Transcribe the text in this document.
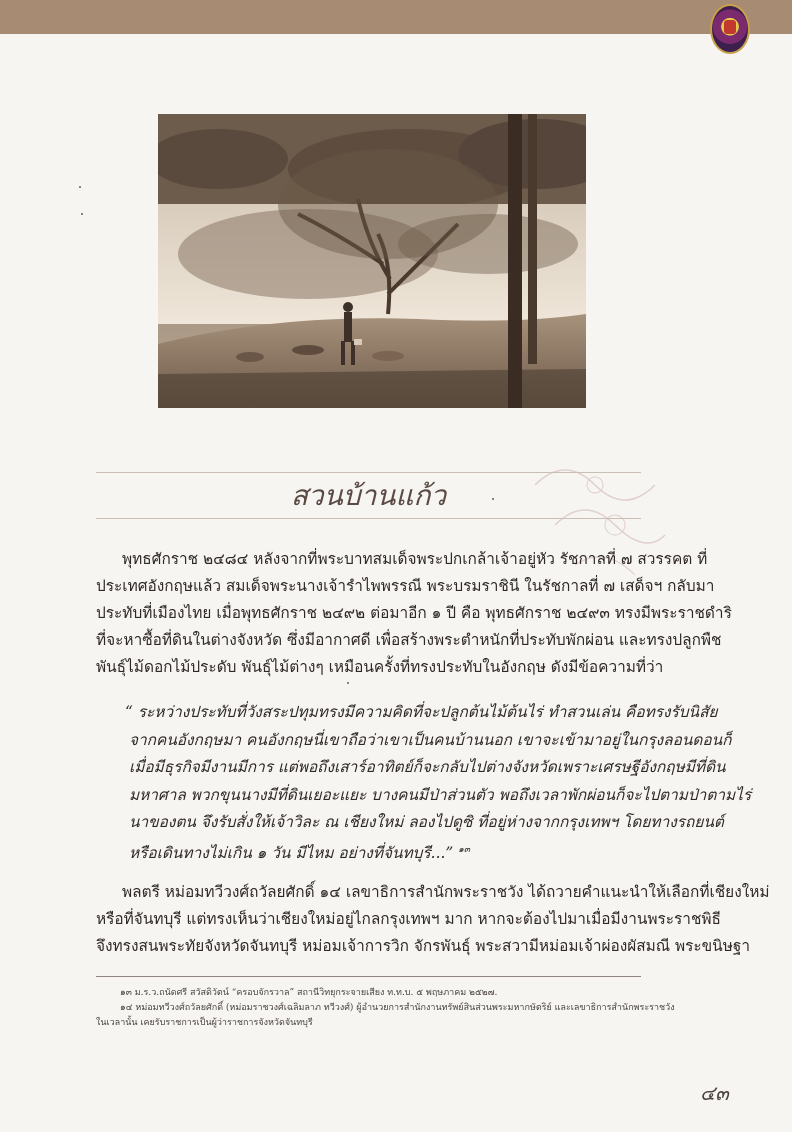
สวนบ้านแก้ว
พุทธศักราช ๒๔๘๔ หลังจากที่พระบาทสมเด็จพระปกเกล้าเจ้าอยู่หัว รัชกาลที่ ๗ สวรรคต ที่
ประเทศอังกฤษแล้ว สมเด็จพระนางเจ้ารำไพพรรณี พระบรมราชินี ในรัชกาลที่ ๗ เสด็จฯ กลับมา
ประทับที่เมืองไทย เมื่อพุทธศักราช ๒๔๙๒ ต่อมาอีก ๑ ปี คือ พุทธศักราช ๒๔๙๓ ทรงมีพระราชดำริ
ที่จะหาซื้อที่ดินในต่างจังหวัด ซึ่งมีอากาศดี เพื่อสร้างพระตำหนักที่ประทับพักผ่อน และทรงปลูกพืช
พันธุ์ไม้ดอกไม้ประดับ พันธุ์ไม้ต่างๆ เหมือนครั้งที่ทรงประทับในอังกฤษ ดังมีข้อความที่ว่า
“ ระหว่างประทับที่วังสระปทุมทรงมีความคิดที่จะปลูกต้นไม้ต้นไร่ ทำสวนเล่น คือทรงรับนิสัย
จากคนอังกฤษมา คนอังกฤษนี่เขาถือว่าเขาเป็นคนบ้านนอก เขาจะเข้ามาอยู่ในกรุงลอนดอนก็
เมื่อมีธุรกิจมีงานมีการ แต่พอถึงเสาร์อาทิตย์ก็จะกลับไปต่างจังหวัดเพราะเศรษฐีอังกฤษมีที่ดิน
มหาศาล พวกขุนนางมีที่ดินเยอะแยะ บางคนมีป่าส่วนตัว พอถึงเวลาพักผ่อนก็จะไปตามป่าตามไร่
นาของตน จึงรับสั่งให้เจ้าวิละ ณ เชียงใหม่ ลองไปดูซิ ที่อยู่ห่างจากกรุงเทพฯ โดยทางรถยนต์
หรือเดินทางไม่เกิน ๑ วัน มีไหม อย่างที่จันทบุรี...” $^{๑๓}$
พลตรี หม่อมทวีวงศ์ถวัลยศักดิ์ ๑๔ เลขาธิการสำนักพระราชวัง ได้ถวายคำแนะนำให้เลือกที่เชียงใหม่
หรือที่จันทบุรี แต่ทรงเห็นว่าเชียงใหม่อยู่ไกลกรุงเทพฯ มาก หากจะต้องไปมาเมื่อมีงานพระราชพิธี
จึงทรงสนพระทัยจังหวัดจันทบุรี หม่อมเจ้าการวิก จักรพันธุ์ พระสวามีหม่อมเจ้าผ่องผัสมณี พระขนิษฐา
๑๓ ม.ร.ว.ถนัดศรี สวัสดิวัตน์ “ครอบจักรวาล” สถานีวิทยุกระจายเสียง ท.ท.บ. ๕ พฤษภาคม ๒๕๒๗.
๑๔ หม่อมทวีวงศ์ถวัลยศักดิ์ (หม่อมราชวงศ์เฉลิมลาภ ทวีวงศ์) ผู้อำนวยการสำนักงานทรัพย์สินส่วนพระมหากษัตริย์ และเลขาธิการสำนักพระราชวัง
ในเวลานั้น เคยรับราชการเป็นผู้ว่าราชการจังหวัดจันทบุรี
๔๓
